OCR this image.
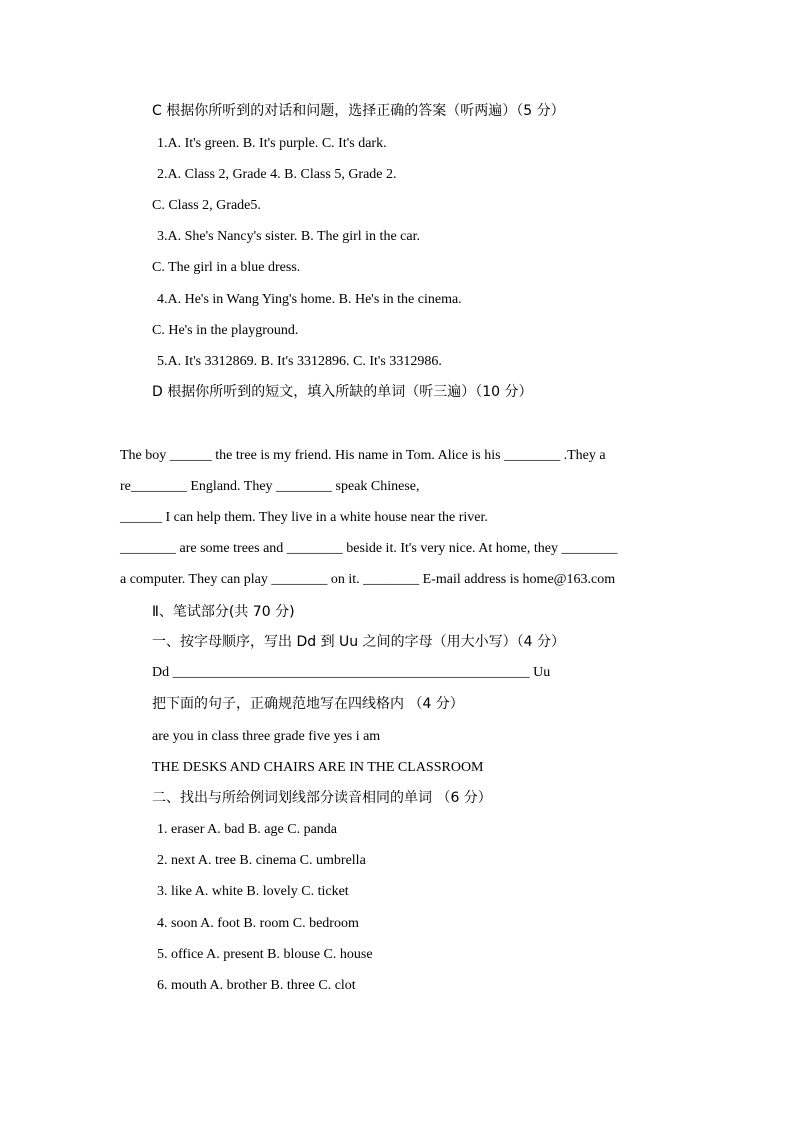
C 根据你所听到的对话和问题，选择正确的答案（听两遍）（5 分）
1.A. It's green. B. It's purple. C. It's dark.
2.A. Class 2, Grade 4. B. Class 5, Grade 2.
C. Class 2, Grade5.
3.A. She's Nancy's sister. B. The girl in the car.
C. The girl in a blue dress.
4.A. He's in Wang Ying's home. B. He's in the cinema.
C. He's in the playground.
5.A. It's 3312869. B. It's 3312896. C. It's 3312986.
D 根据你所听到的短文，填入所缺的单词（听三遍）（10 分）
The boy ______ the tree is my friend. His name in Tom. Alice is his ________ .They a
re________ England. They ________ speak Chinese,
______ I can help them. They live in a white house near the river.
________ are some trees and ________ beside it. It's very nice. At home, they ________
a computer. They can play ________ on it. ________ E-mail address is home@163.com
Ⅱ、笔试部分(共 70 分)
一、按字母顺序，写出 Dd 到 Uu 之间的字母（用大小写）（4 分）
Dd ___________________________________________________ Uu
把下面的句子，正确规范地写在四线格内 （4 分）
are you in class three grade five yes i am
THE DESKS AND CHAIRS ARE IN THE CLASSROOM
二、找出与所给例词划线部分读音相同的单词 （6 分）
1. eraser A. bad B. age C. panda
2. next A. tree B. cinema C. umbrella
3. like A. white B. lovely C. ticket
4. soon A. foot B. room C. bedroom
5. office A. present B. blouse C. house
6. mouth A. brother B. three C. clot
